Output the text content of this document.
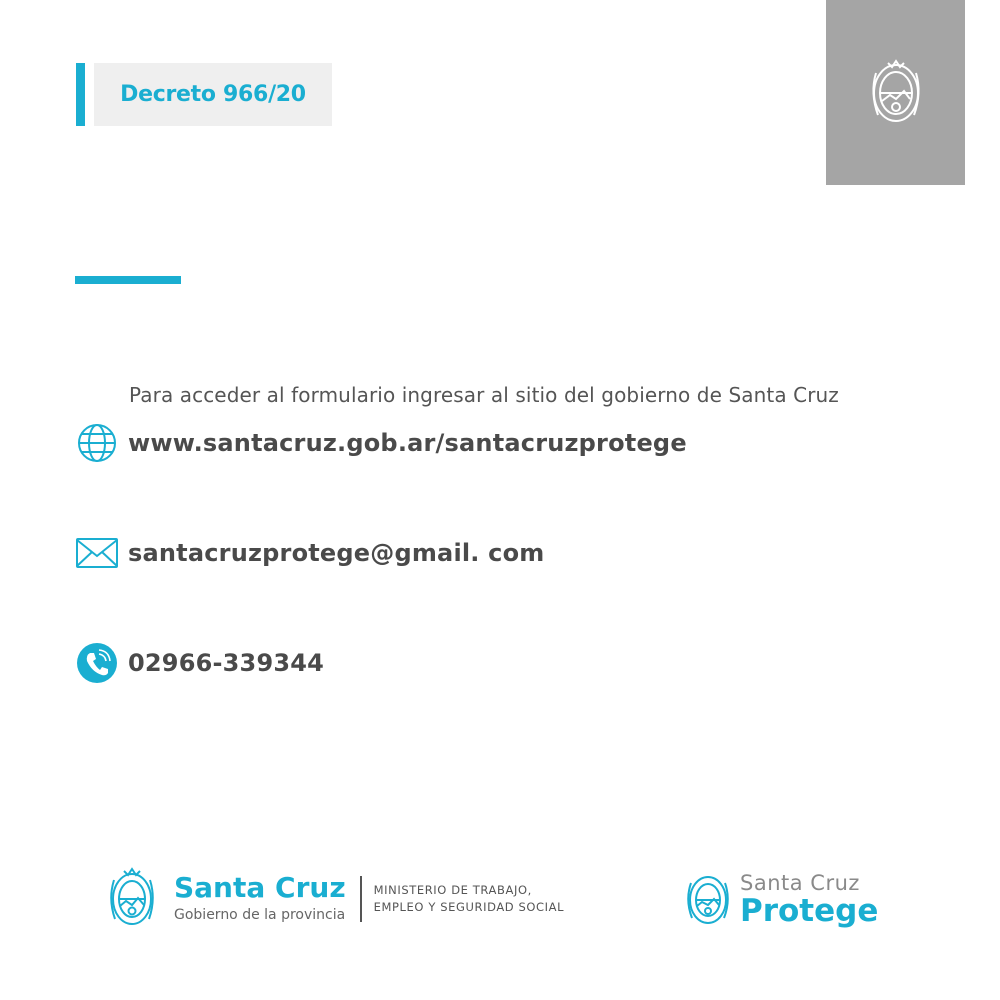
Decreto 966/20
Para acceder al formulario ingresar al sitio del gobierno de Santa Cruz
www.santacruz.gob.ar/santacruzprotege
santacruzprotege@gmail. com
02966-339344
Santa Cruz
Gobierno de la provincia
MINISTERIO DE TRABAJO,
EMPLEO Y SEGURIDAD SOCIAL
Santa Cruz
Protege
